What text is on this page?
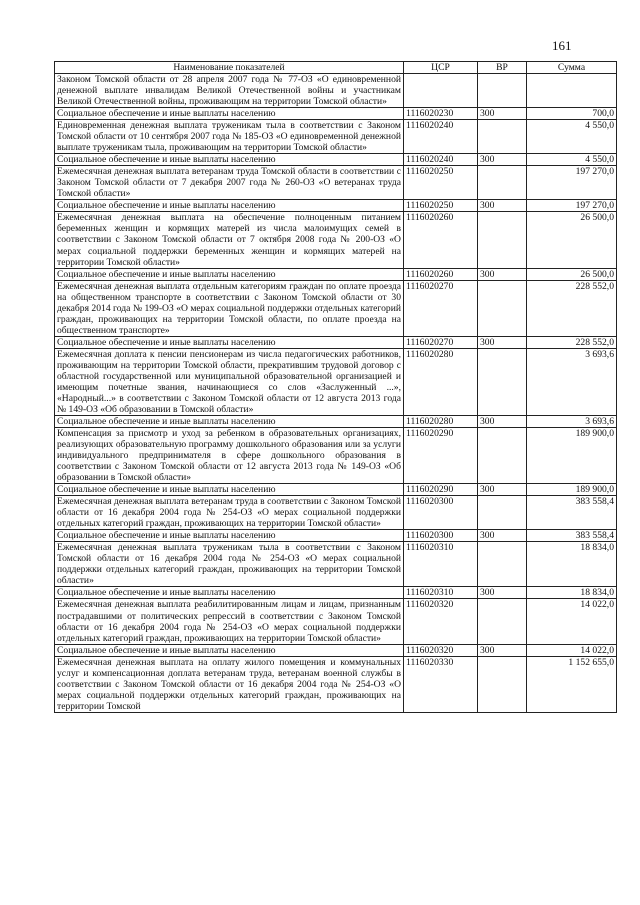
161
Наименование показателей	ЦСР	ВР	Сумма
Законом Томской области от 28 апреля 2007 года № 77-ОЗ «О единовременной денежной выплате инвалидам Великой Отечественной войны и участникам Великой Отечественной войны, проживающим на территории Томской области»			
Социальное обеспечение и иные выплаты населению	1116020230	300	700,0
Единовременная денежная выплата труженикам тыла в соответствии с Законом Томской области от 10 сентября 2007 года № 185-ОЗ «О единовременной денежной выплате труженикам тыла, проживающим на территории Томской области»	1116020240		4 550,0
Социальное обеспечение и иные выплаты населению	1116020240	300	4 550,0
Ежемесячная денежная выплата ветеранам труда Томской области в соответствии с Законом Томской области от 7 декабря 2007 года № 260-ОЗ «О ветеранах труда Томской области»	1116020250		197 270,0
Социальное обеспечение и иные выплаты населению	1116020250	300	197 270,0
Ежемесячная денежная выплата на обеспечение полноценным питанием беременных женщин и кормящих матерей из числа малоимущих семей в соответствии с Законом Томской области от 7 октября 2008 года № 200-ОЗ «О мерах социальной поддержки беременных женщин и кормящих матерей на территории Томской области»	1116020260		26 500,0
Социальное обеспечение и иные выплаты населению	1116020260	300	26 500,0
Ежемесячная денежная выплата отдельным категориям граждан по оплате проезда на общественном транспорте в соответствии с Законом Томской области от 30 декабря 2014 года № 199-ОЗ «О мерах социальной поддержки отдельных категорий граждан, проживающих на территории Томской области, по оплате проезда на общественном транспорте»	1116020270		228 552,0
Социальное обеспечение и иные выплаты населению	1116020270	300	228 552,0
Ежемесячная доплата к пенсии пенсионерам из числа педагогических работников, проживающим на территории Томской области, прекратившим трудовой договор с областной государственной или муниципальной образовательной организацией и имеющим почетные звания, начинающиеся со слов «Заслуженный ...», «Народный...» в соответствии с Законом Томской области от 12 августа 2013 года № 149-ОЗ «Об образовании в Томской области»	1116020280		3 693,6
Социальное обеспечение и иные выплаты населению	1116020280	300	3 693,6
Компенсация за присмотр и уход за ребенком в образовательных организациях, реализующих образовательную программу дошкольного образования или за услуги индивидуального предпринимателя в сфере дошкольного образования в соответствии с Законом Томской области от 12 августа 2013 года № 149-ОЗ «Об образовании в Томской области»	1116020290		189 900,0
Социальное обеспечение и иные выплаты населению	1116020290	300	189 900,0
Ежемесячная денежная выплата ветеранам труда в соответствии с Законом Томской области от 16 декабря 2004 года № 254-ОЗ «О мерах социальной поддержки отдельных категорий граждан, проживающих на территории Томской области»	1116020300		383 558,4
Социальное обеспечение и иные выплаты населению	1116020300	300	383 558,4
Ежемесячная денежная выплата труженикам тыла в соответствии с Законом Томской области от 16 декабря 2004 года № 254-ОЗ «О мерах социальной поддержки отдельных категорий граждан, проживающих на территории Томской области»	1116020310		18 834,0
Социальное обеспечение и иные выплаты населению	1116020310	300	18 834,0
Ежемесячная денежная выплата реабилитированным лицам и лицам, признанным пострадавшими от политических репрессий в соответствии с Законом Томской области от 16 декабря 2004 года № 254-ОЗ «О мерах социальной поддержки отдельных категорий граждан, проживающих на территории Томской области»	1116020320		14 022,0
Социальное обеспечение и иные выплаты населению	1116020320	300	14 022,0
Ежемесячная денежная выплата на оплату жилого помещения и коммунальных услуг и компенсационная доплата ветеранам труда, ветеранам военной службы в соответствии с Законом Томской области от 16 декабря 2004 года № 254-ОЗ «О мерах социальной поддержки отдельных категорий граждан, проживающих на территории Томской	1116020330		1 152 655,0
